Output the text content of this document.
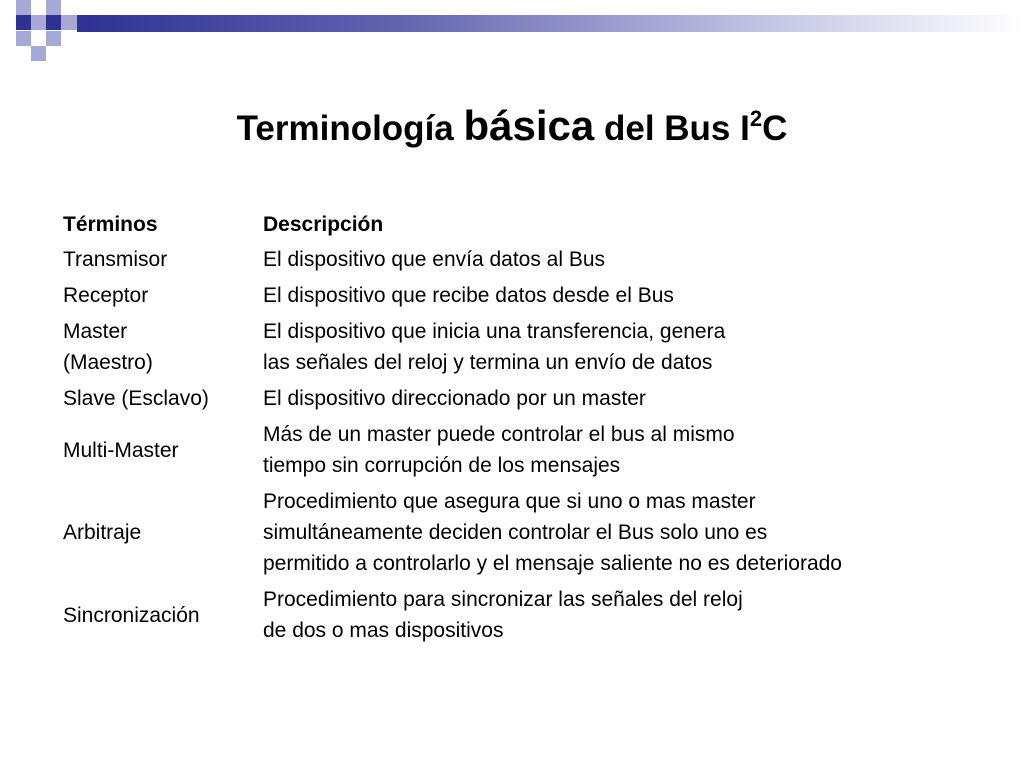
Terminología básica del Bus $I^2C$
Términos	Descripción

Transmisor	El dispositivo que envía datos al Bus

Receptor	El dispositivo que recibe datos desde el Bus

Master
(Maestro)	El dispositivo que inicia una transferencia, genera
las señales del reloj y termina un envío de datos

Slave (Esclavo)	El dispositivo direccionado por un master

Multi-Master	Más de un master puede controlar el bus al mismo
tiempo sin corrupción de los mensajes

Arbitraje	Procedimiento que asegura que si uno o mas master
simultáneamente deciden controlar el Bus solo uno es
permitido a controlarlo y el mensaje saliente no es deteriorado

Sincronización	Procedimiento para sincronizar las señales del reloj
de dos o mas dispositivos
